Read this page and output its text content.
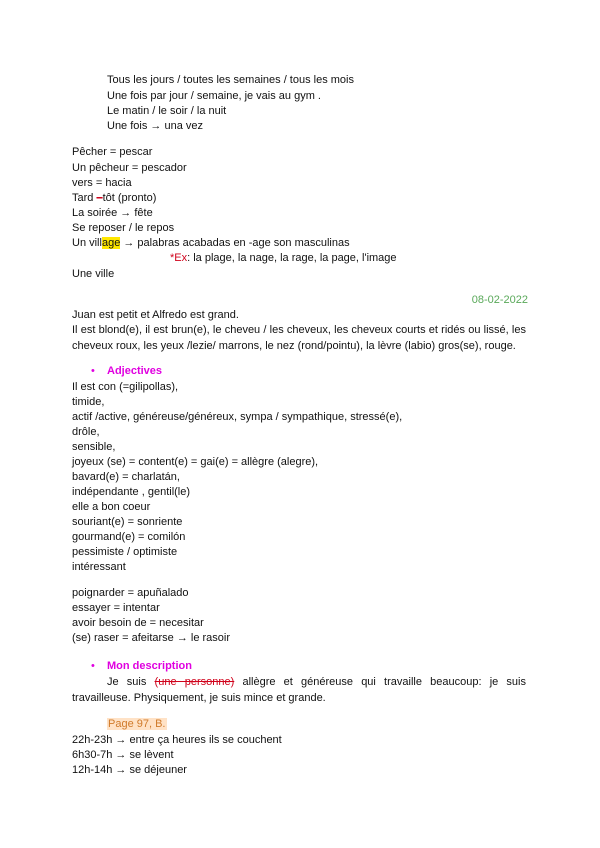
Tous les jours / toutes les semaines / tous les mois
Une fois par jour / semaine, je vais au gym .
Le matin / le soir / la nuit
Une fois → una vez
Pêcher = pescar
Un pêcheur = pescador
vers = hacia
Tard –tôt (pronto)
La soirée → fête
Se reposer / le repos
Un village → palabras acabadas en -age son masculinas
*Ex: la plage, la nage, la rage, la page, l'image
Une ville
08-02-2022
Juan est petit et Alfredo est grand.
Il est blond(e), il est brun(e), le cheveu / les cheveux, les cheveux courts et ridés ou lissé, les cheveux roux, les yeux /lezie/ marrons, le nez (rond/pointu), la lèvre (labio) gros(se), rouge.
• Adjectives
Il est con (=gilipollas),
timide,
actif /active, généreuse/généreux, sympa / sympathique, stressé(e),
drôle,
sensible,
joyeux (se) = content(e) = gai(e) = allègre (alegre),
bavard(e) = charlatán,
indépendante , gentil(le)
elle a bon coeur
souriant(e) = sonriente
gourmand(e) = comilón
pessimiste / optimiste
intéressant
poignarder = apuñalado
essayer = intentar
avoir besoin de = necesitar
(se) raser = afeitarse → le rasoir
• Mon description
Je suis (une personne) allègre et généreuse qui travaille beaucoup: je suis travailleuse. Physiquement, je suis mince et grande.
Page 97, B.
22h-23h → entre ça heures ils se couchent
6h30-7h → se lèvent
12h-14h → se déjeuner
